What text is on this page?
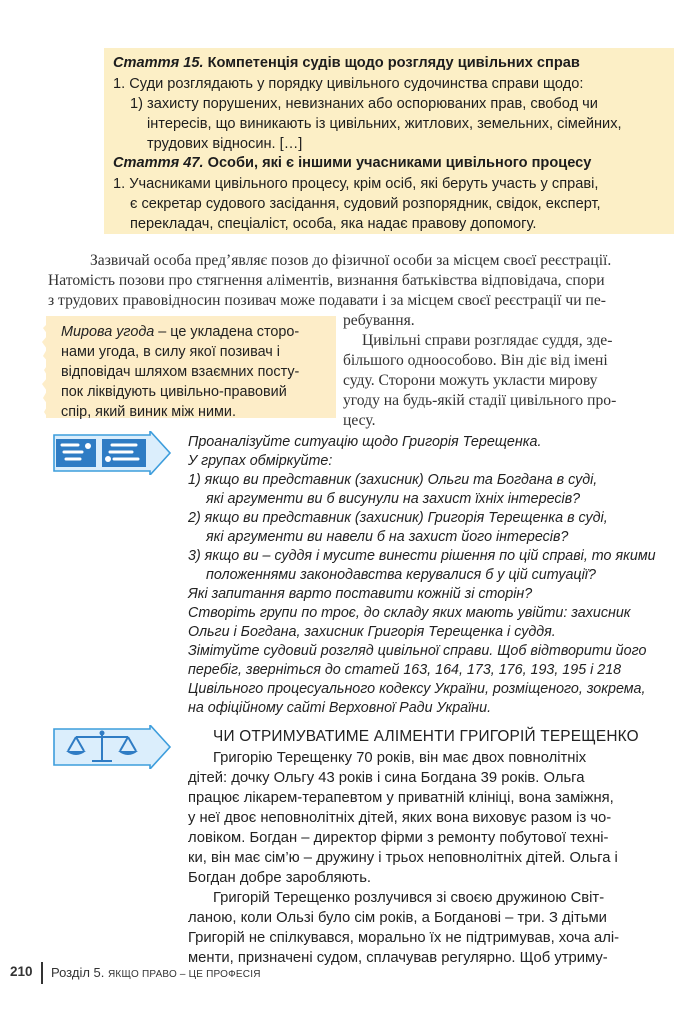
Стаття 15. Компетенція судів щодо розгляду цивільних справ
1. Суди розглядають у порядку цивільного судочинства справи щодо:
1) захисту порушених, невизнаних або оспорюваних прав, свобод чи
інтересів, що виникають із цивільних, житлових, земельних, сімейних,
трудових відносин. […]
Стаття 47. Особи, які є іншими учасниками цивільного процесу
1. Учасниками цивільного процесу, крім осіб, які беруть участь у справі,
є секретар судового засідання, судовий розпорядник, свідок, експерт,
перекладач, спеціаліст, особа, яка надає правову допомогу.
Зазвичай особа пред’являє позов до фізичної особи за місцем своєї реєстрації.
Натомість позови про стягнення аліментів, визнання батьківства відповідача, спори
з трудових правовідносин позивач може подавати і за місцем своєї реєстрації чи пе-
ребування.
Цивільні справи розглядає суддя, зде-
більшого одноособово. Він діє від імені
суду. Сторони можуть укласти мирову
угоду на будь-якій стадії цивільного про-
цесу.
Мирова угода – це укладена сторо-
нами угода, в силу якої позивач і
відповідач шляхом взаємних посту-
пок ліквідують цивільно-правовий
спір, який виник між ними.
Проаналізуйте ситуацію щодо Григорія Терещенка.
У групах обміркуйте:
1) якщо ви представник (захисник) Ольги та Богдана в суді,
які аргументи ви б висунули на захист їхніх інтересів?
2) якщо ви представник (захисник) Григорія Терещенка в суді,
які аргументи ви навели б на захист його інтересів?
3) якщо ви – суддя і мусите винести рішення по цій справі, то якими
положеннями законодавства керувалися б у цій ситуації?
Які запитання варто поставити кожній зі сторін?
Створіть групи по троє, до складу яких мають увійти: захисник
Ольги і Богдана, захисник Григорія Терещенка і суддя.
Зімітуйте судовий розгляд цивільної справи. Щоб відтворити його
перебіг, зверніться до статей 163, 164, 173, 176, 193, 195 і 218
Цивільного процесуального кодексу України, розміщеного, зокрема,
на офіційному сайті Верховної Ради України.
ЧИ ОТРИМУВАТИМЕ АЛІМЕНТИ ГРИГОРІЙ ТЕРЕЩЕНКО
Григорію Терещенку 70 років, він має двох повнолітніх
дітей: дочку Ольгу 43 років і сина Богдана 39 років. Ольга
працює лікарем-терапевтом у приватній клініці, вона заміжня,
у неї двоє неповнолітніх дітей, яких вона виховує разом із чо-
ловіком. Богдан – директор фірми з ремонту побутової техні-
ки, він має сім’ю – дружину і трьох неповнолітніх дітей. Ольга і
Богдан добре заробляють.
Григорій Терещенко розлучився зі своєю дружиною Світ-
ланою, коли Ользі було сім років, а Богданові – три. З дітьми
Григорій не спілкувався, морально їх не підтримував, хоча алі-
менти, призначені судом, сплачував регулярно. Щоб утриму-
210 Розділ 5. ЯКЩО ПРАВО – ЦЕ ПРОФЕСІЯ
